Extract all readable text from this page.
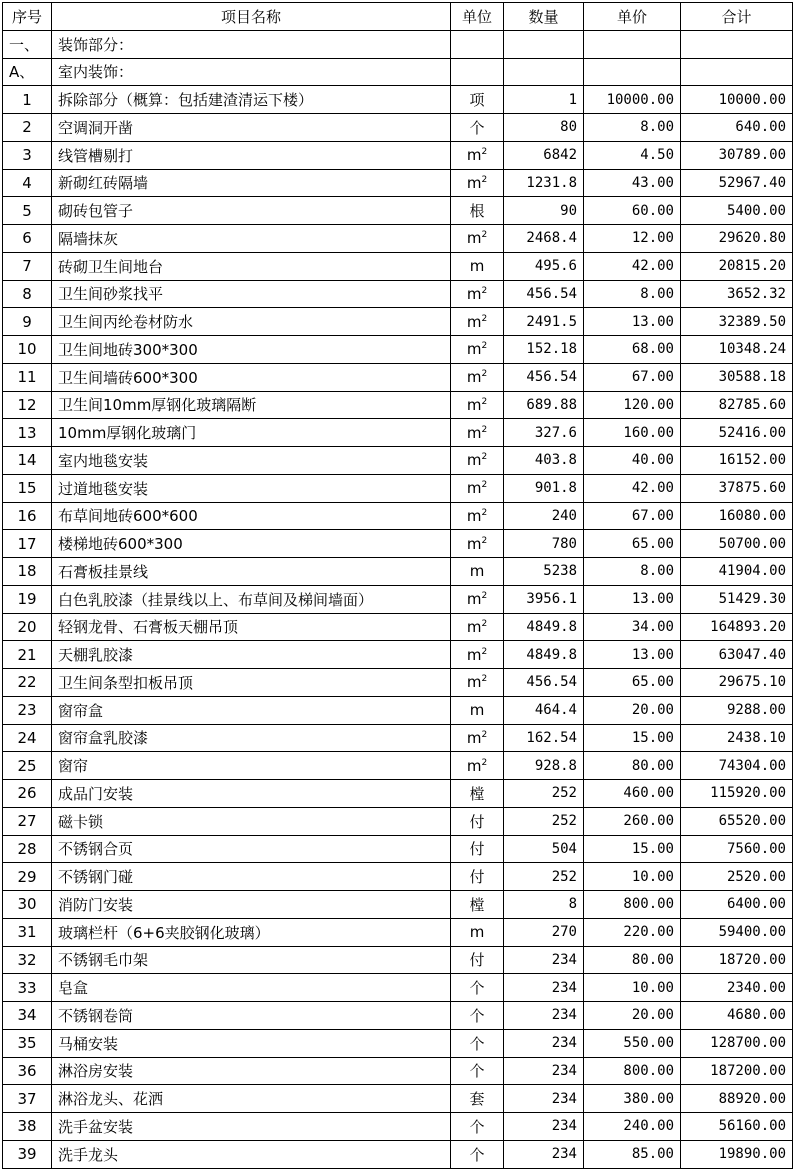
序号	项目名称	单位	数量	单价	合计
一、	装饰部分：				
A、	室内装饰：				
1	拆除部分（概算：包括建渣清运下楼）	项	1	10000.00	10000.00
2	空调洞开凿	个	80	8.00	640.00
3	线管槽剔打	$m^2$	6842	4.50	30789.00
4	新砌红砖隔墙	$m^2$	1231.8	43.00	52967.40
5	砌砖包管子	根	90	60.00	5400.00
6	隔墙抹灰	$m^2$	2468.4	12.00	29620.80
7	砖砌卫生间地台	m	495.6	42.00	20815.20
8	卫生间砂浆找平	$m^2$	456.54	8.00	3652.32
9	卫生间丙纶卷材防水	$m^2$	2491.5	13.00	32389.50
10	卫生间地砖300*300	$m^2$	152.18	68.00	10348.24
11	卫生间墙砖600*300	$m^2$	456.54	67.00	30588.18
12	卫生间10mm厚钢化玻璃隔断	$m^2$	689.88	120.00	82785.60
13	10mm厚钢化玻璃门	$m^2$	327.6	160.00	52416.00
14	室内地毯安装	$m^2$	403.8	40.00	16152.00
15	过道地毯安装	$m^2$	901.8	42.00	37875.60
16	布草间地砖600*600	$m^2$	240	67.00	16080.00
17	楼梯地砖600*300	$m^2$	780	65.00	50700.00
18	石膏板挂景线	m	5238	8.00	41904.00
19	白色乳胶漆（挂景线以上、布草间及梯间墙面）	$m^2$	3956.1	13.00	51429.30
20	轻钢龙骨、石膏板天棚吊顶	$m^2$	4849.8	34.00	164893.20
21	天棚乳胶漆	$m^2$	4849.8	13.00	63047.40
22	卫生间条型扣板吊顶	$m^2$	456.54	65.00	29675.10
23	窗帘盒	m	464.4	20.00	9288.00
24	窗帘盒乳胶漆	$m^2$	162.54	15.00	2438.10
25	窗帘	$m^2$	928.8	80.00	74304.00
26	成品门安装	樘	252	460.00	115920.00
27	磁卡锁	付	252	260.00	65520.00
28	不锈钢合页	付	504	15.00	7560.00
29	不锈钢门碰	付	252	10.00	2520.00
30	消防门安装	樘	8	800.00	6400.00
31	玻璃栏杆（6+6夹胶钢化玻璃）	m	270	220.00	59400.00
32	不锈钢毛巾架	付	234	80.00	18720.00
33	皂盒	个	234	10.00	2340.00
34	不锈钢卷筒	个	234	20.00	4680.00
35	马桶安装	个	234	550.00	128700.00
36	淋浴房安装	个	234	800.00	187200.00
37	淋浴龙头、花洒	套	234	380.00	88920.00
38	洗手盆安装	个	234	240.00	56160.00
39	洗手龙头	个	234	85.00	19890.00
